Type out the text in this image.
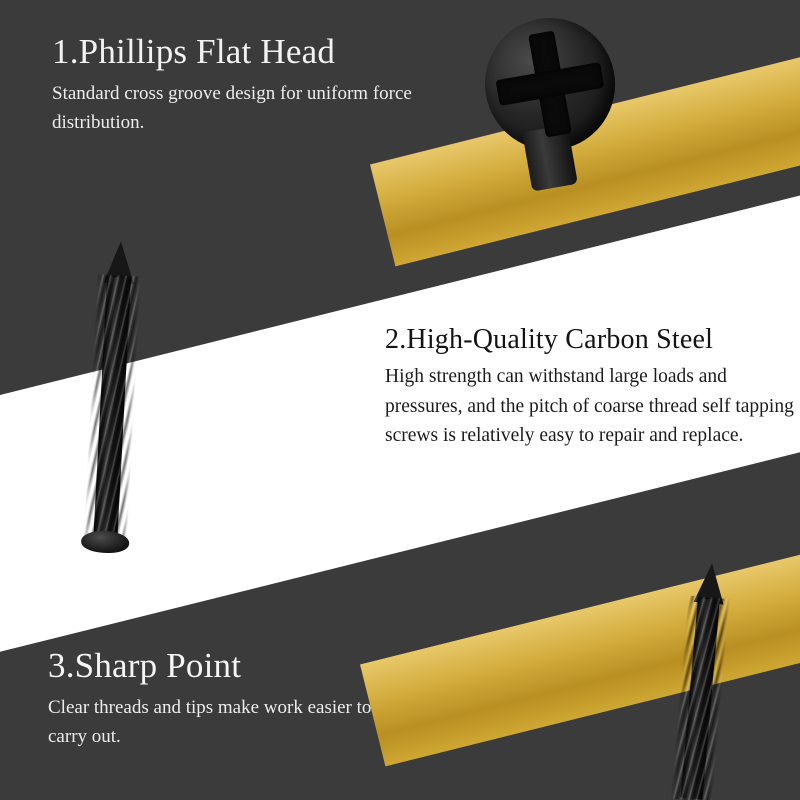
1.Phillips Flat Head

Standard cross groove design for uniform force distribution.

2.High-Quality Carbon Steel

High strength can withstand large loads and pressures, and the pitch of coarse thread self tapping screws is relatively easy to repair and replace.

3.Sharp Point

Clear threads and tips make work easier to carry out.
